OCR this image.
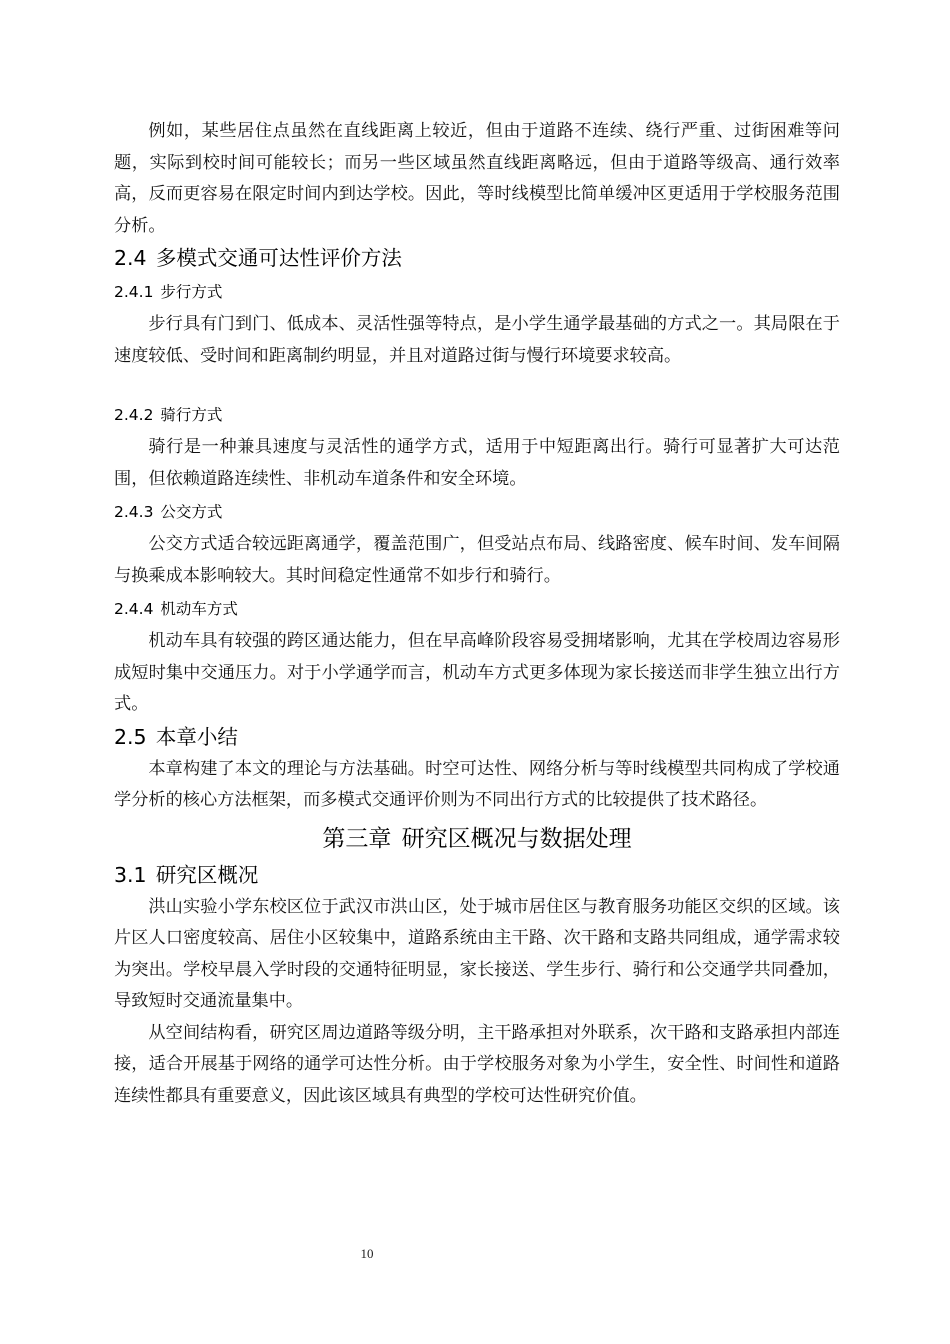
例如，某些居住点虽然在直线距离上较近，但由于道路不连续、绕行严重、过街困难等问题，实际到校时间可能较长；而另一些区域虽然直线距离略远，但由于道路等级高、通行效率高，反而更容易在限定时间内到达学校。因此，等时线模型比简单缓冲区更适用于学校服务范围分析。

2.4 多模式交通可达性评价方法
2.4.1 步行方式

步行具有门到门、低成本、灵活性强等特点，是小学生通学最基础的方式之一。其局限在于速度较低、受时间和距离制约明显，并且对道路过街与慢行环境要求较高。

2.4.2 骑行方式

骑行是一种兼具速度与灵活性的通学方式，适用于中短距离出行。骑行可显著扩大可达范围，但依赖道路连续性、非机动车道条件和安全环境。

2.4.3 公交方式

公交方式适合较远距离通学，覆盖范围广，但受站点布局、线路密度、候车时间、发车间隔与换乘成本影响较大。其时间稳定性通常不如步行和骑行。

2.4.4 机动车方式

机动车具有较强的跨区通达能力，但在早高峰阶段容易受拥堵影响，尤其在学校周边容易形成短时集中交通压力。对于小学通学而言，机动车方式更多体现为家长接送而非学生独立出行方式。

2.5 本章小结

本章构建了本文的理论与方法基础。时空可达性、网络分析与等时线模型共同构成了学校通学分析的核心方法框架，而多模式交通评价则为不同出行方式的比较提供了技术路径。

第三章 研究区概况与数据处理
3.1 研究区概况

洪山实验小学东校区位于武汉市洪山区，处于城市居住区与教育服务功能区交织的区域。该片区人口密度较高、居住小区较集中，道路系统由主干路、次干路和支路共同组成，通学需求较为突出。学校早晨入学时段的交通特征明显，家长接送、学生步行、骑行和公交通学共同叠加，导致短时交通流量集中。

从空间结构看，研究区周边道路等级分明，主干路承担对外联系，次干路和支路承担内部连接，适合开展基于网络的通学可达性分析。由于学校服务对象为小学生，安全性、时间性和道路连续性都具有重要意义，因此该区域具有典型的学校可达性研究价值。

10
